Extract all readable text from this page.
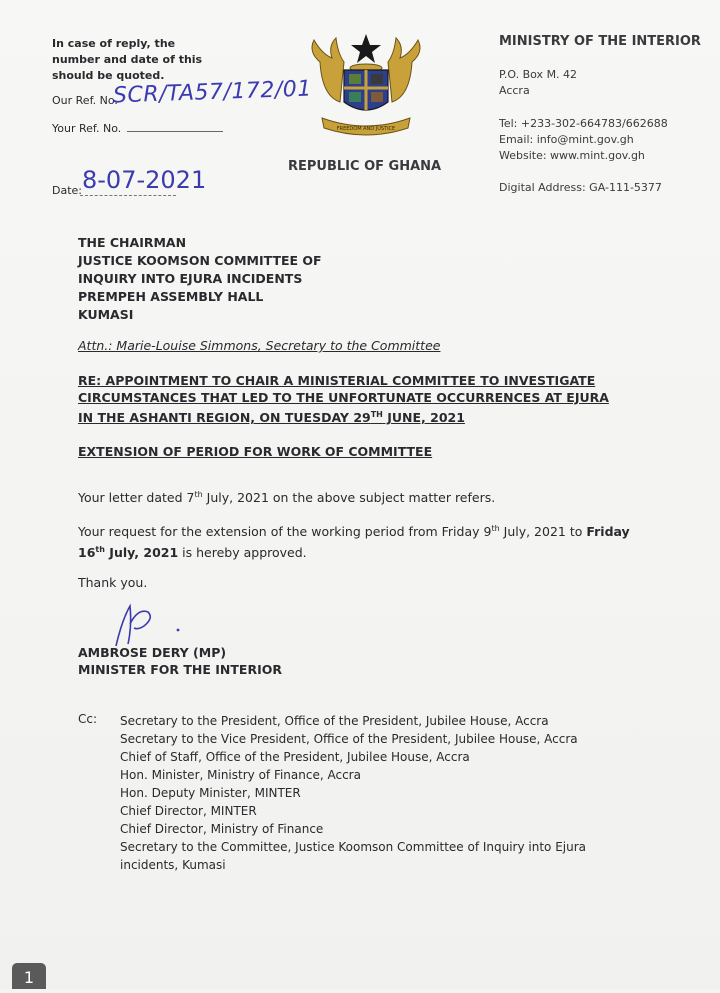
In case of reply, the
number and date of this
should be quoted.
Our Ref. No.
SCR/TA57/172/01
Your Ref. No.
Date: 8-07-2021
FREEDOM AND JUSTICE
REPUBLIC OF GHANA
MINISTRY OF THE INTERIOR
P.O. Box M. 42
Accra
Tel: +233-302-664783/662688
Email: info@mint.gov.gh
Website: www.mint.gov.gh
Digital Address: GA-111-5377
THE CHAIRMAN
JUSTICE KOOMSON COMMITTEE OF
INQUIRY INTO EJURA INCIDENTS
PREMPEH ASSEMBLY HALL
KUMASI
Attn.: Marie-Louise Simmons, Secretary to the Committee
RE: APPOINTMENT TO CHAIR A MINISTERIAL COMMITTEE TO INVESTIGATE
CIRCUMSTANCES THAT LED TO THE UNFORTUNATE OCCURRENCES AT EJURA
IN THE ASHANTI REGION, ON TUESDAY 29TH JUNE, 2021
EXTENSION OF PERIOD FOR WORK OF COMMITTEE
Your letter dated 7th July, 2021 on the above subject matter refers.
Your request for the extension of the working period from Friday 9th July, 2021 to Friday
16th July, 2021 is hereby approved.
Thank you.
AMBROSE DERY (MP)
MINISTER FOR THE INTERIOR
Cc: Secretary to the President, Office of the President, Jubilee House, Accra
Secretary to the Vice President, Office of the President, Jubilee House, Accra
Chief of Staff, Office of the President, Jubilee House, Accra
Hon. Minister, Ministry of Finance, Accra
Hon. Deputy Minister, MINTER
Chief Director, MINTER
Chief Director, Ministry of Finance
Secretary to the Committee, Justice Koomson Committee of Inquiry into Ejura
incidents, Kumasi
1
